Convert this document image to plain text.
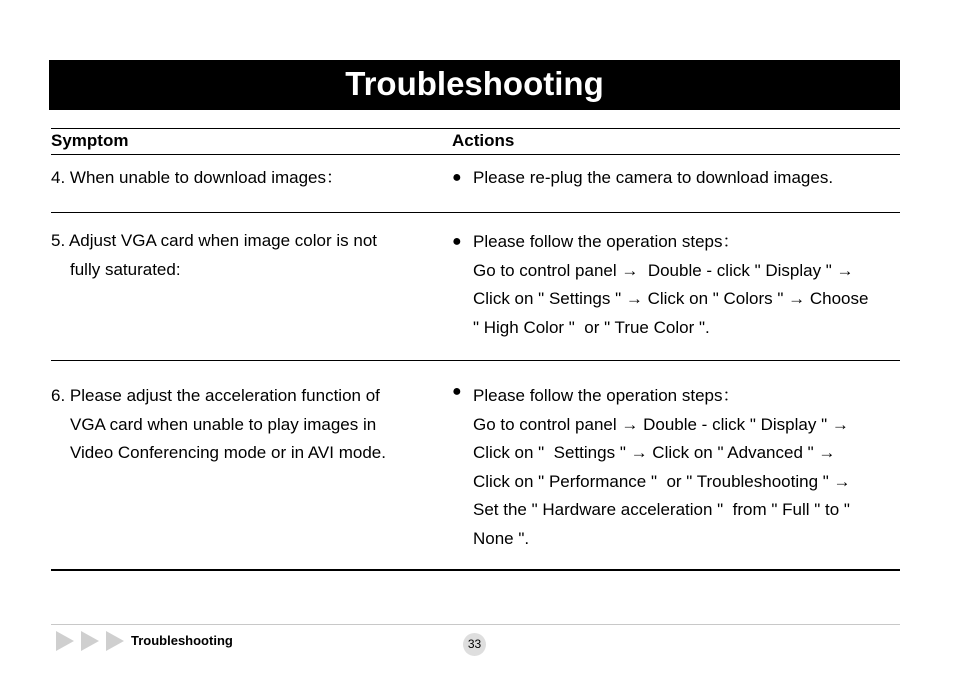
Troubleshooting
Symptom	Actions
4. When unable to download images：	● Please re-plug the camera to download images.
5. Adjust VGA card when image color is not
fully saturated:
● Please follow the operation steps：
Go to control panel →  Double - click " Display " →
Click on " Settings " → Click on " Colors " → Choose
" High Color "  or " True Color ".
6. Please adjust the acceleration function of
VGA card when unable to play images in
Video Conferencing mode or in AVI mode.
● Please follow the operation steps：
Go to control panel → Double - click " Display " →
Click on "  Settings " → Click on " Advanced " →
Click on " Performance "  or " Troubleshooting " →
Set the " Hardware acceleration "  from " Full " to "
None ".
Troubleshooting	33
